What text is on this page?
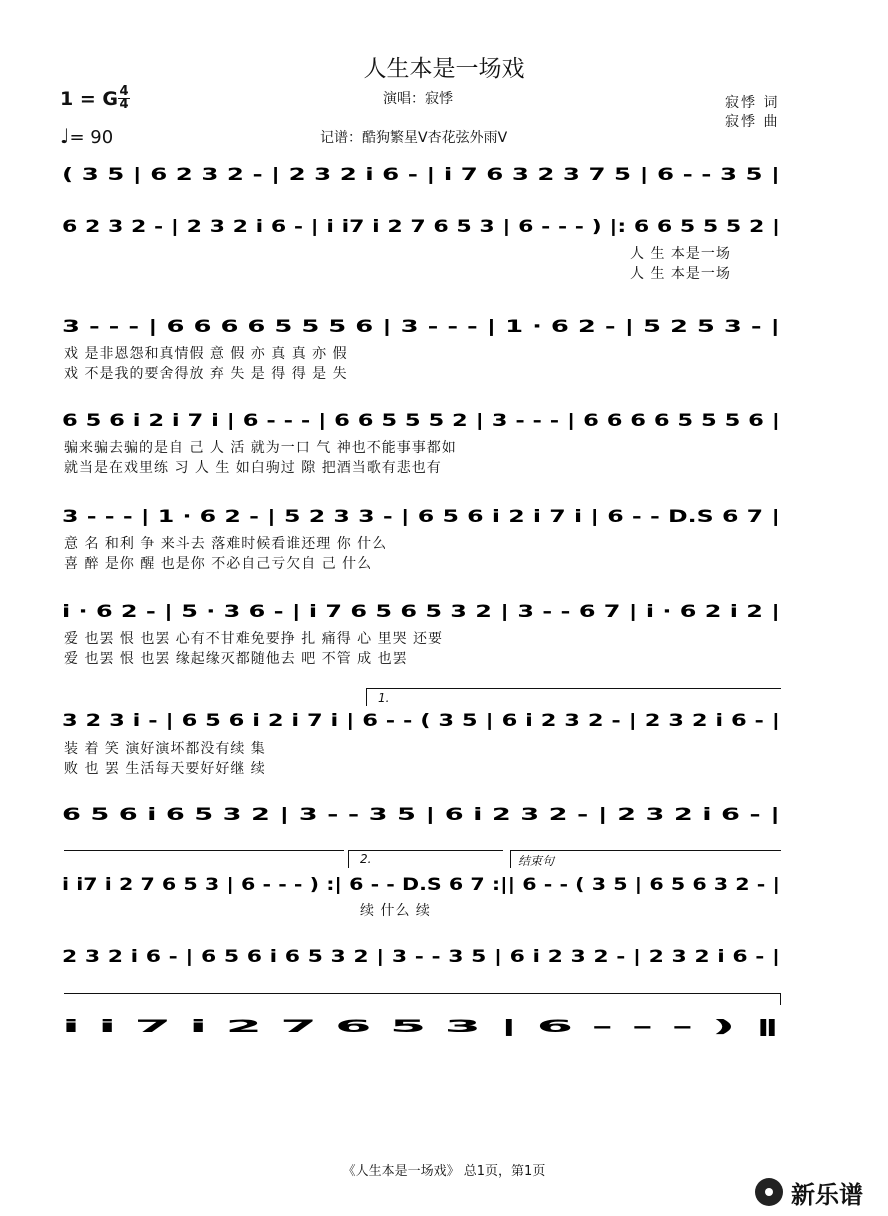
人生本是一场戏
1 = G 4
4
♩= 90
演唱：寂悸
记谱：酷狗繁星V杏花弦外雨V
寂悸 词
寂悸 曲
( 3 5 | 6 2 3 2 - | 2 3 2 i 6 - | i 7 6 3 2 3 7 5 | 6 - - 3 5 |
6 2 3 2 - | 2 3 2 i 6 - | i i7 i 2 7 6 5 3 | 6 - - - ) |: 6 6 5 5 5 2 |
人 生 本是一场
人 生 本是一场
3 - - - | 6 6 6 6 5 5 5 6 | 3 - - - | 1 · 6 2 - | 5 2 5 3 - |
戏 是非恩怨和真情假 意 假 亦 真 真 亦 假
戏 不是我的要舍得放 弃 失 是 得 得 是 失
6 5 6 i 2 i 7 i | 6 - - - | 6 6 5 5 5 2 | 3 - - - | 6 6 6 6 5 5 5 6 |
骗来骗去骗的是自 己 人 活 就为一口 气 神也不能事事都如
就当是在戏里练 习 人 生 如白驹过 隙 把酒当歌有悲也有
3 - - - | 1 · 6 2 - | 5 2 3 3 - | 6 5 6 i 2 i 7 i | 6 - - D.S 6 7 |
意 名 和利 争 来斗去 落难时候看谁还理 你 什么
喜 醉 是你 醒 也是你 不必自己亏欠自 己 什么
i · 6 2 - | 5 · 3 6 - | i 7 6 5 6 5 3 2 | 3 - - 6 7 | i · 6 2 i 2 |
爱 也罢 恨 也罢 心有不甘难免要挣 扎 痛得 心 里哭 还要
爱 也罢 恨 也罢 缘起缘灭都随他去 吧 不管 成 也罢
1.
3 2 3 i - | 6 5 6 i 2 i 7 i | 6 - - ( 3 5 | 6 i 2 3 2 - | 2 3 2 i 6 - |
装 着 笑 演好演坏都没有续 集
败 也 罢 生活每天要好好继 续
6 5 6 i 6 5 3 2 | 3 - - 3 5 | 6 i 2 3 2 - | 2 3 2 i 6 - |
2.	结束句
i i7 i 2 7 6 5 3 | 6 - - - ) :| 6 - - D.S 6 7 :|| 6 - - ( 3 5 | 6 5 6 3 2 - |
续 什么 续
2 3 2 i 6 - | 6 5 6 i 6 5 3 2 | 3 - - 3 5 | 6 i 2 3 2 - | 2 3 2 i 6 - |
i i 7 i 2 7 6 5 3 | 6 - - - ) ‖
《人生本是一场戏》 总1页，第1页
新乐谱
